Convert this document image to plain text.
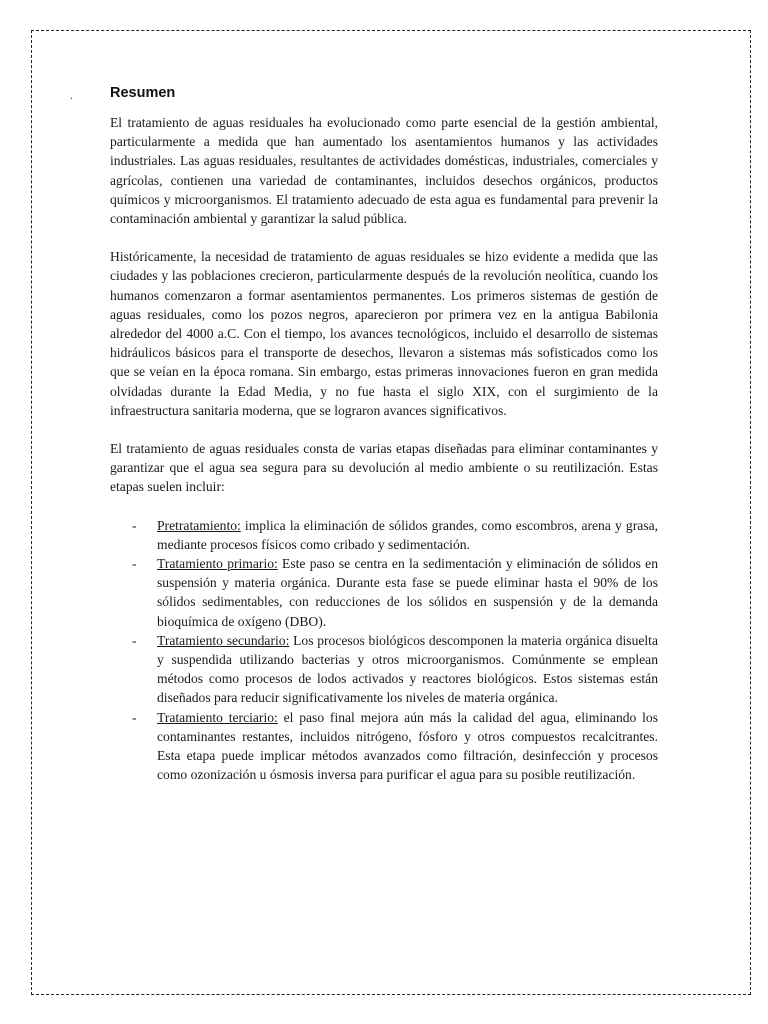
.	Resumen

El tratamiento de aguas residuales ha evolucionado como parte esencial de la gestión ambiental, particularmente a medida que han aumentado los asentamientos humanos y las actividades industriales. Las aguas residuales, resultantes de actividades domésticas, industriales, comerciales y agrícolas, contienen una variedad de contaminantes, incluidos desechos orgánicos, productos químicos y microorganismos. El tratamiento adecuado de esta agua es fundamental para prevenir la contaminación ambiental y garantizar la salud pública.

Históricamente, la necesidad de tratamiento de aguas residuales se hizo evidente a medida que las ciudades y las poblaciones crecieron, particularmente después de la revolución neolítica, cuando los humanos comenzaron a formar asentamientos permanentes. Los primeros sistemas de gestión de aguas residuales, como los pozos negros, aparecieron por primera vez en la antigua Babilonia alrededor del 4000 a.C. Con el tiempo, los avances tecnológicos, incluido el desarrollo de sistemas hidráulicos básicos para el transporte de desechos, llevaron a sistemas más sofisticados como los que se veían en la época romana. Sin embargo, estas primeras innovaciones fueron en gran medida olvidadas durante la Edad Media, y no fue hasta el siglo XIX, con el surgimiento de la infraestructura sanitaria moderna, que se lograron avances significativos.

El tratamiento de aguas residuales consta de varias etapas diseñadas para eliminar contaminantes y garantizar que el agua sea segura para su devolución al medio ambiente o su reutilización. Estas etapas suelen incluir:

- Pretratamiento: implica la eliminación de sólidos grandes, como escombros, arena y grasa, mediante procesos físicos como cribado y sedimentación.
- Tratamiento primario: Este paso se centra en la sedimentación y eliminación de sólidos en suspensión y materia orgánica. Durante esta fase se puede eliminar hasta el 90% de los sólidos sedimentables, con reducciones de los sólidos en suspensión y de la demanda bioquímica de oxígeno (DBO).
- Tratamiento secundario: Los procesos biológicos descomponen la materia orgánica disuelta y suspendida utilizando bacterias y otros microorganismos. Comúnmente se emplean métodos como procesos de lodos activados y reactores biológicos. Estos sistemas están diseñados para reducir significativamente los niveles de materia orgánica.
- Tratamiento terciario: el paso final mejora aún más la calidad del agua, eliminando los contaminantes restantes, incluidos nitrógeno, fósforo y otros compuestos recalcitrantes. Esta etapa puede implicar métodos avanzados como filtración, desinfección y procesos como ozonización u ósmosis inversa para purificar el agua para su posible reutilización.
